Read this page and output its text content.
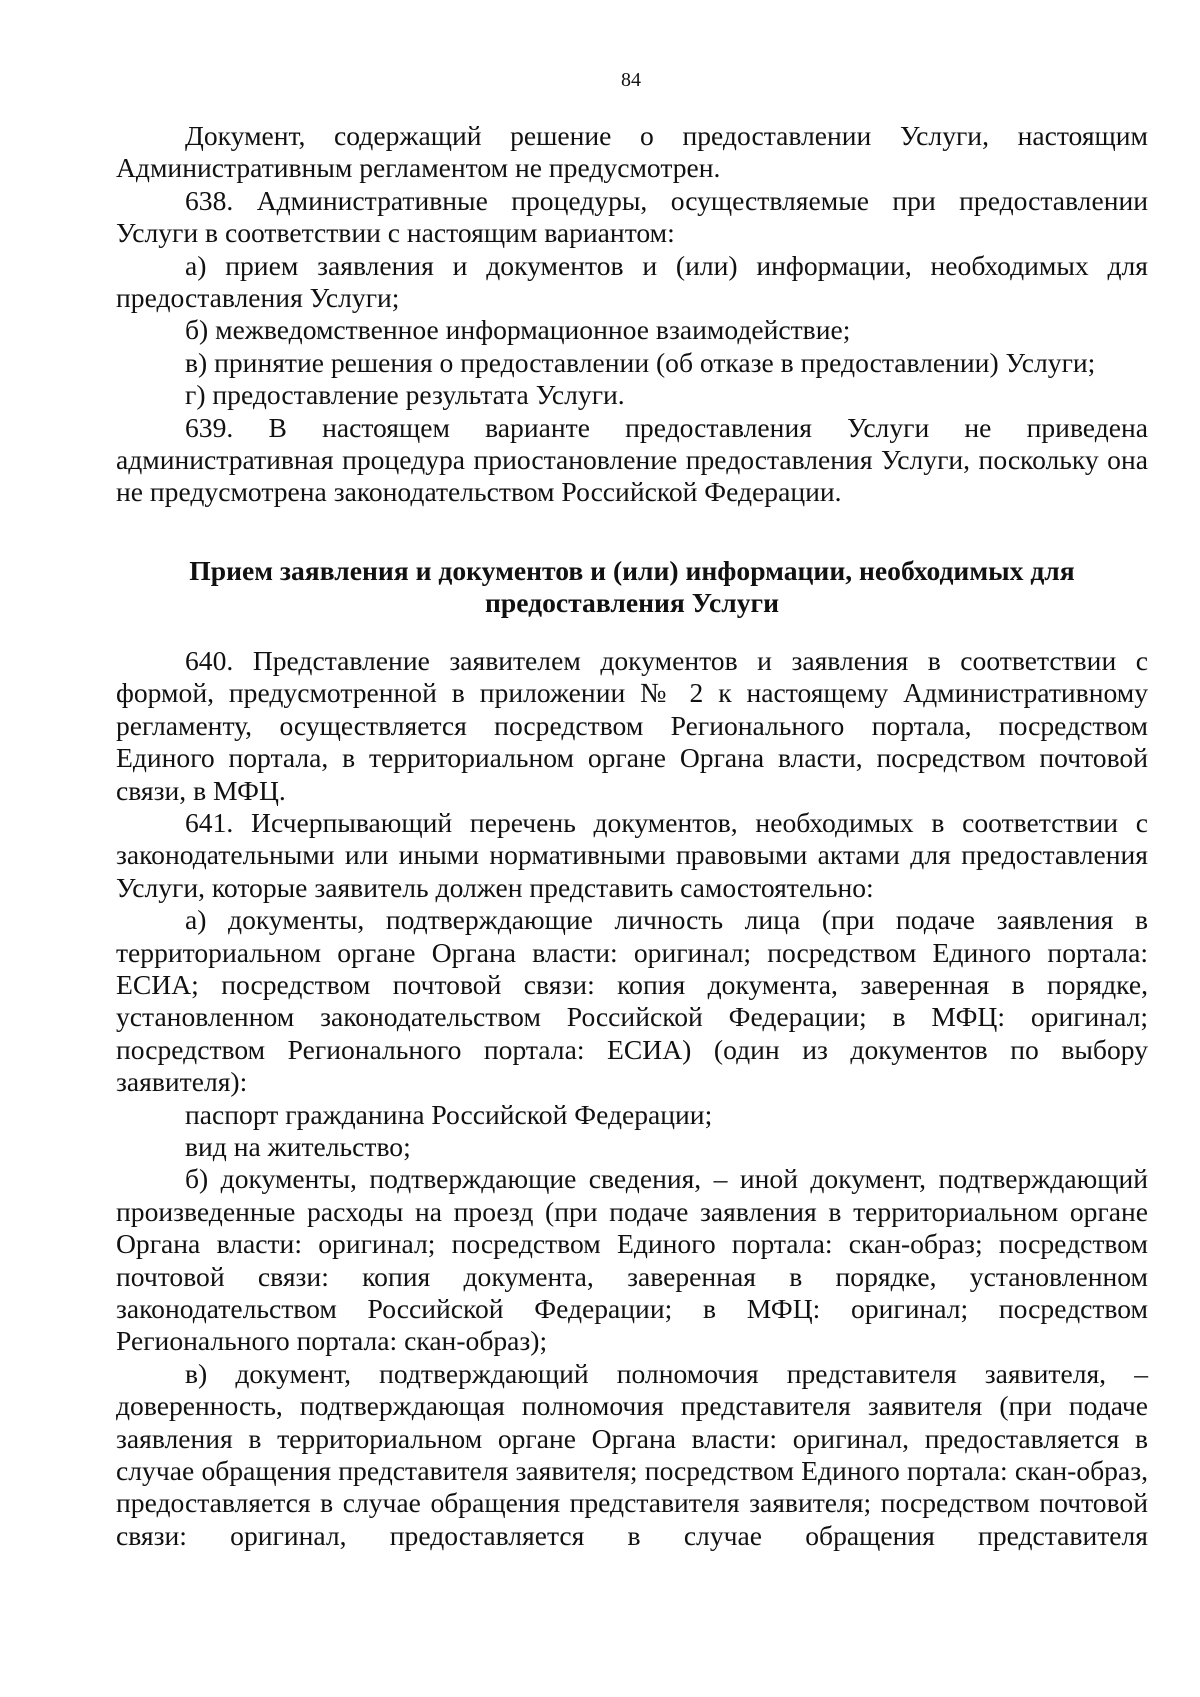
84

Документ, содержащий решение о предоставлении Услуги, настоящим Административным регламентом не предусмотрен.

638. Административные процедуры, осуществляемые при предоставлении Услуги в соответствии с настоящим вариантом:

а) прием заявления и документов и (или) информации, необходимых для предоставления Услуги;

б) межведомственное информационное взаимодействие;

в) принятие решения о предоставлении (об отказе в предоставлении) Услуги;

г) предоставление результата Услуги.

639. В настоящем варианте предоставления Услуги не приведена административная процедура приостановление предоставления Услуги, поскольку она не предусмотрена законодательством Российской Федерации.

Прием заявления и документов и (или) информации, необходимых для
предоставления Услуги

640. Представление заявителем документов и заявления в соответствии с формой, предусмотренной в приложении № 2 к настоящему Административному регламенту, осуществляется посредством Регионального портала, посредством Единого портала, в территориальном органе Органа власти, посредством почтовой связи, в МФЦ.

641. Исчерпывающий перечень документов, необходимых в соответствии с законодательными или иными нормативными правовыми актами для предоставления Услуги, которые заявитель должен представить самостоятельно:

а) документы, подтверждающие личность лица (при подаче заявления в территориальном органе Органа власти: оригинал; посредством Единого портала: ЕСИА; посредством почтовой связи: копия документа, заверенная в порядке, установленном законодательством Российской Федерации; в МФЦ: оригинал; посредством Регионального портала: ЕСИА) (один из документов по выбору заявителя):

паспорт гражданина Российской Федерации;

вид на жительство;

б) документы, подтверждающие сведения, – иной документ, подтверждающий произведенные расходы на проезд (при подаче заявления в территориальном органе Органа власти: оригинал; посредством Единого портала: скан-образ; посредством почтовой связи: копия документа, заверенная в порядке, установленном законодательством Российской Федерации; в МФЦ: оригинал; посредством Регионального портала: скан-образ);

в) документ, подтверждающий полномочия представителя заявителя, – доверенность, подтверждающая полномочия представителя заявителя (при подаче заявления в территориальном органе Органа власти: оригинал, предоставляется в случае обращения представителя заявителя; посредством Единого портала: скан-образ, предоставляется в случае обращения представителя заявителя; посредством почтовой связи: оригинал, предоставляется в случае обращения представителя
